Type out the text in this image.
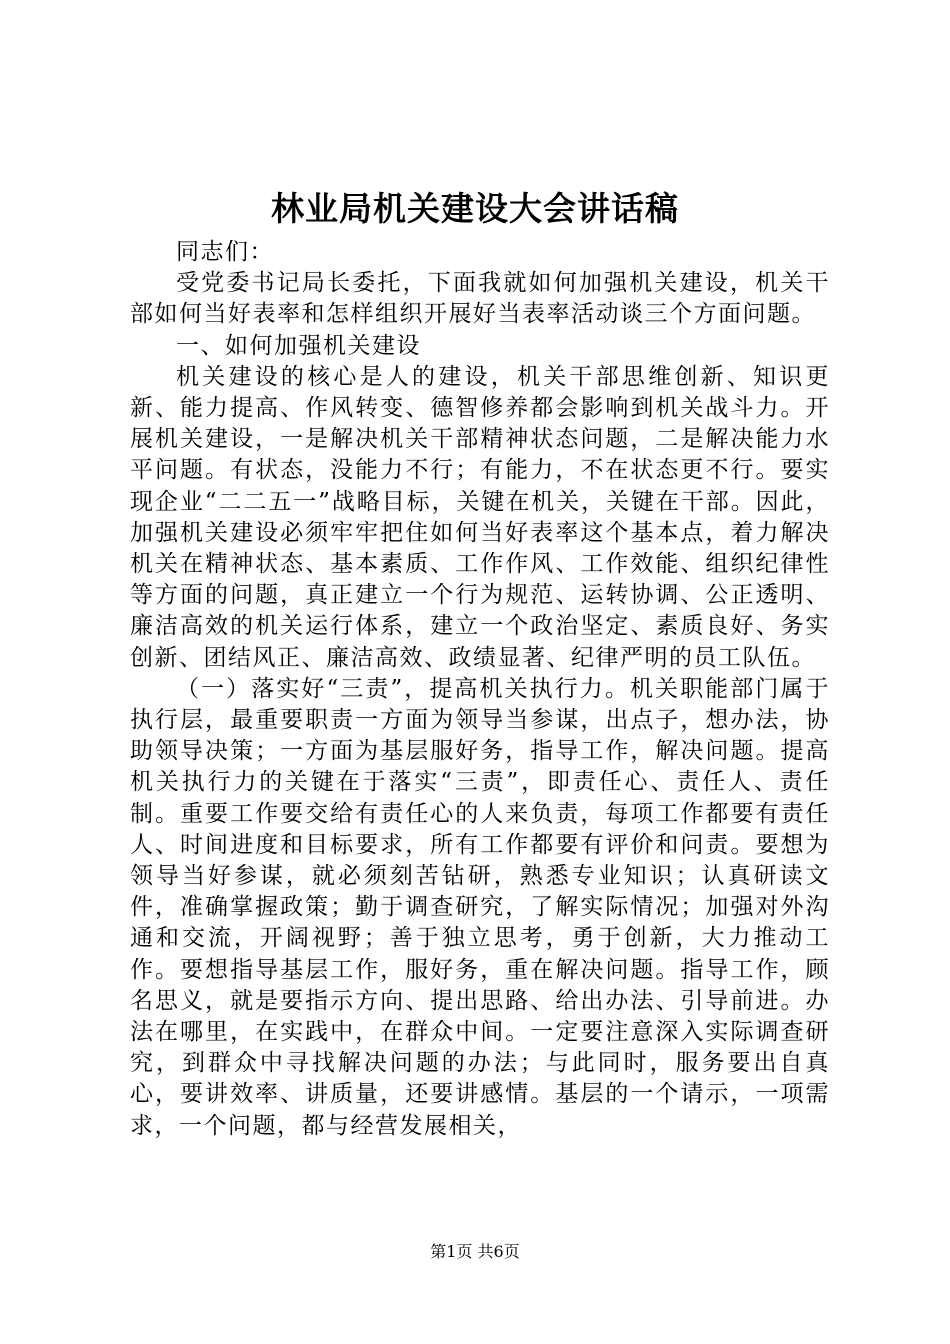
林业局机关建设大会讲话稿

同志们：

受党委书记局长委托，下面我就如何加强机关建设，机关干部如何当好表率和怎样组织开展好当表率活动谈三个方面问题。

一、如何加强机关建设

机关建设的核心是人的建设，机关干部思维创新、知识更新、能力提高、作风转变、德智修养都会影响到机关战斗力。开展机关建设，一是解决机关干部精神状态问题，二是解决能力水平问题。有状态，没能力不行；有能力，不在状态更不行。要实现企业“二二五一”战略目标，关键在机关，关键在干部。因此，加强机关建设必须牢牢把住如何当好表率这个基本点，着力解决机关在精神状态、基本素质、工作作风、工作效能、组织纪律性等方面的问题，真正建立一个行为规范、运转协调、公正透明、廉洁高效的机关运行体系，建立一个政治坚定、素质良好、务实创新、团结风正、廉洁高效、政绩显著、纪律严明的员工队伍。

（一）落实好“三责”，提高机关执行力。机关职能部门属于执行层，最重要职责一方面为领导当参谋，出点子，想办法，协助领导决策；一方面为基层服好务，指导工作，解决问题。提高机关执行力的关键在于落实“三责”，即责任心、责任人、责任制。重要工作要交给有责任心的人来负责，每项工作都要有责任人、时间进度和目标要求，所有工作都要有评价和问责。要想为领导当好参谋，就必须刻苦钻研，熟悉专业知识；认真研读文件，准确掌握政策；勤于调查研究，了解实际情况；加强对外沟通和交流，开阔视野；善于独立思考，勇于创新，大力推动工作。要想指导基层工作，服好务，重在解决问题。指导工作，顾名思义，就是要指示方向、提出思路、给出办法、引导前进。办法在哪里，在实践中，在群众中间。一定要注意深入实际调查研究，到群众中寻找解决问题的办法；与此同时，服务要出自真心，要讲效率、讲质量，还要讲感情。基层的一个请示，一项需求，一个问题，都与经营发展相关，

第1页 共6页
